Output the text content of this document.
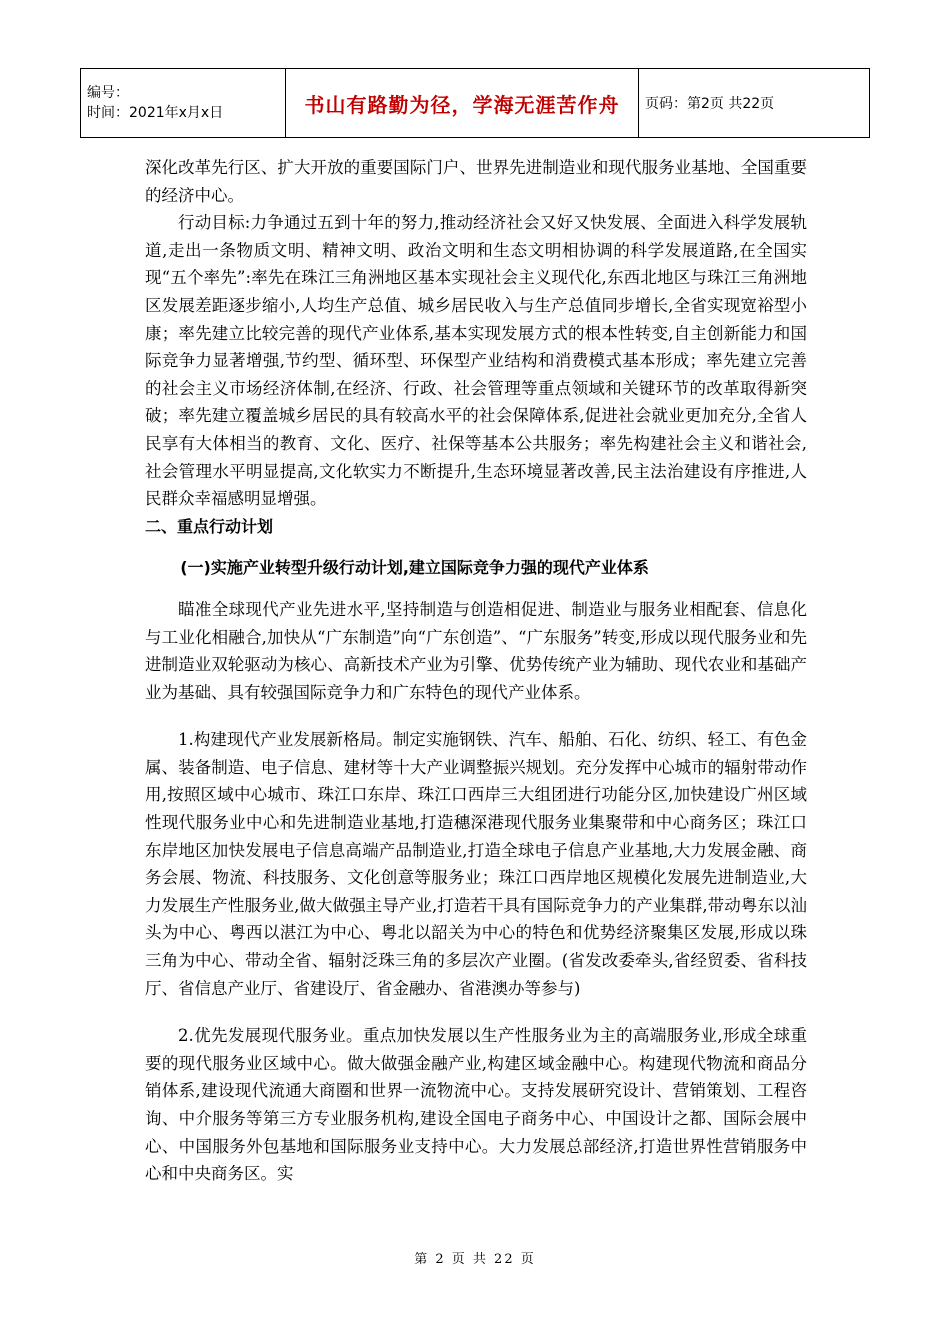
编号：
时间：2021年x月x日	书山有路勤为径，学海无涯苦作舟	页码：第2页 共22页

深化改革先行区、扩大开放的重要国际门户、世界先进制造业和现代服务业基地、全国重要的经济中心。

行动目标:力争通过五到十年的努力,推动经济社会又好又快发展、全面进入科学发展轨道,走出一条物质文明、精神文明、政治文明和生态文明相协调的科学发展道路,在全国实现“五个率先”:率先在珠江三角洲地区基本实现社会主义现代化,东西北地区与珠江三角洲地区发展差距逐步缩小,人均生产总值、城乡居民收入与生产总值同步增长,全省实现宽裕型小康；率先建立比较完善的现代产业体系,基本实现发展方式的根本性转变,自主创新能力和国际竞争力显著增强,节约型、循环型、环保型产业结构和消费模式基本形成；率先建立完善的社会主义市场经济体制,在经济、行政、社会管理等重点领域和关键环节的改革取得新突破；率先建立覆盖城乡居民的具有较高水平的社会保障体系,促进社会就业更加充分,全省人民享有大体相当的教育、文化、医疗、社保等基本公共服务；率先构建社会主义和谐社会,社会管理水平明显提高,文化软实力不断提升,生态环境显著改善,民主法治建设有序推进,人民群众幸福感明显增强。

二、重点行动计划

(一)实施产业转型升级行动计划,建立国际竞争力强的现代产业体系

瞄准全球现代产业先进水平,坚持制造与创造相促进、制造业与服务业相配套、信息化与工业化相融合,加快从“广东制造”向“广东创造”、“广东服务”转变,形成以现代服务业和先进制造业双轮驱动为核心、高新技术产业为引擎、优势传统产业为辅助、现代农业和基础产业为基础、具有较强国际竞争力和广东特色的现代产业体系。

1.构建现代产业发展新格局。制定实施钢铁、汽车、船舶、石化、纺织、轻工、有色金属、装备制造、电子信息、建材等十大产业调整振兴规划。充分发挥中心城市的辐射带动作用,按照区域中心城市、珠江口东岸、珠江口西岸三大组团进行功能分区,加快建设广州区域性现代服务业中心和先进制造业基地,打造穗深港现代服务业集聚带和中心商务区；珠江口东岸地区加快发展电子信息高端产品制造业,打造全球电子信息产业基地,大力发展金融、商务会展、物流、科技服务、文化创意等服务业；珠江口西岸地区规模化发展先进制造业,大力发展生产性服务业,做大做强主导产业,打造若干具有国际竞争力的产业集群,带动粤东以汕头为中心、粤西以湛江为中心、粤北以韶关为中心的特色和优势经济聚集区发展,形成以珠三角为中心、带动全省、辐射泛珠三角的多层次产业圈。(省发改委牵头,省经贸委、省科技厅、省信息产业厅、省建设厅、省金融办、省港澳办等参与)

2.优先发展现代服务业。重点加快发展以生产性服务业为主的高端服务业,形成全球重要的现代服务业区域中心。做大做强金融产业,构建区域金融中心。构建现代物流和商品分销体系,建设现代流通大商圈和世界一流物流中心。支持发展研究设计、营销策划、工程咨询、中介服务等第三方专业服务机构,建设全国电子商务中心、中国设计之都、国际会展中心、中国服务外包基地和国际服务业支持中心。大力发展总部经济,打造世界性营销服务中心和中央商务区。实

第 2 页 共 22 页
